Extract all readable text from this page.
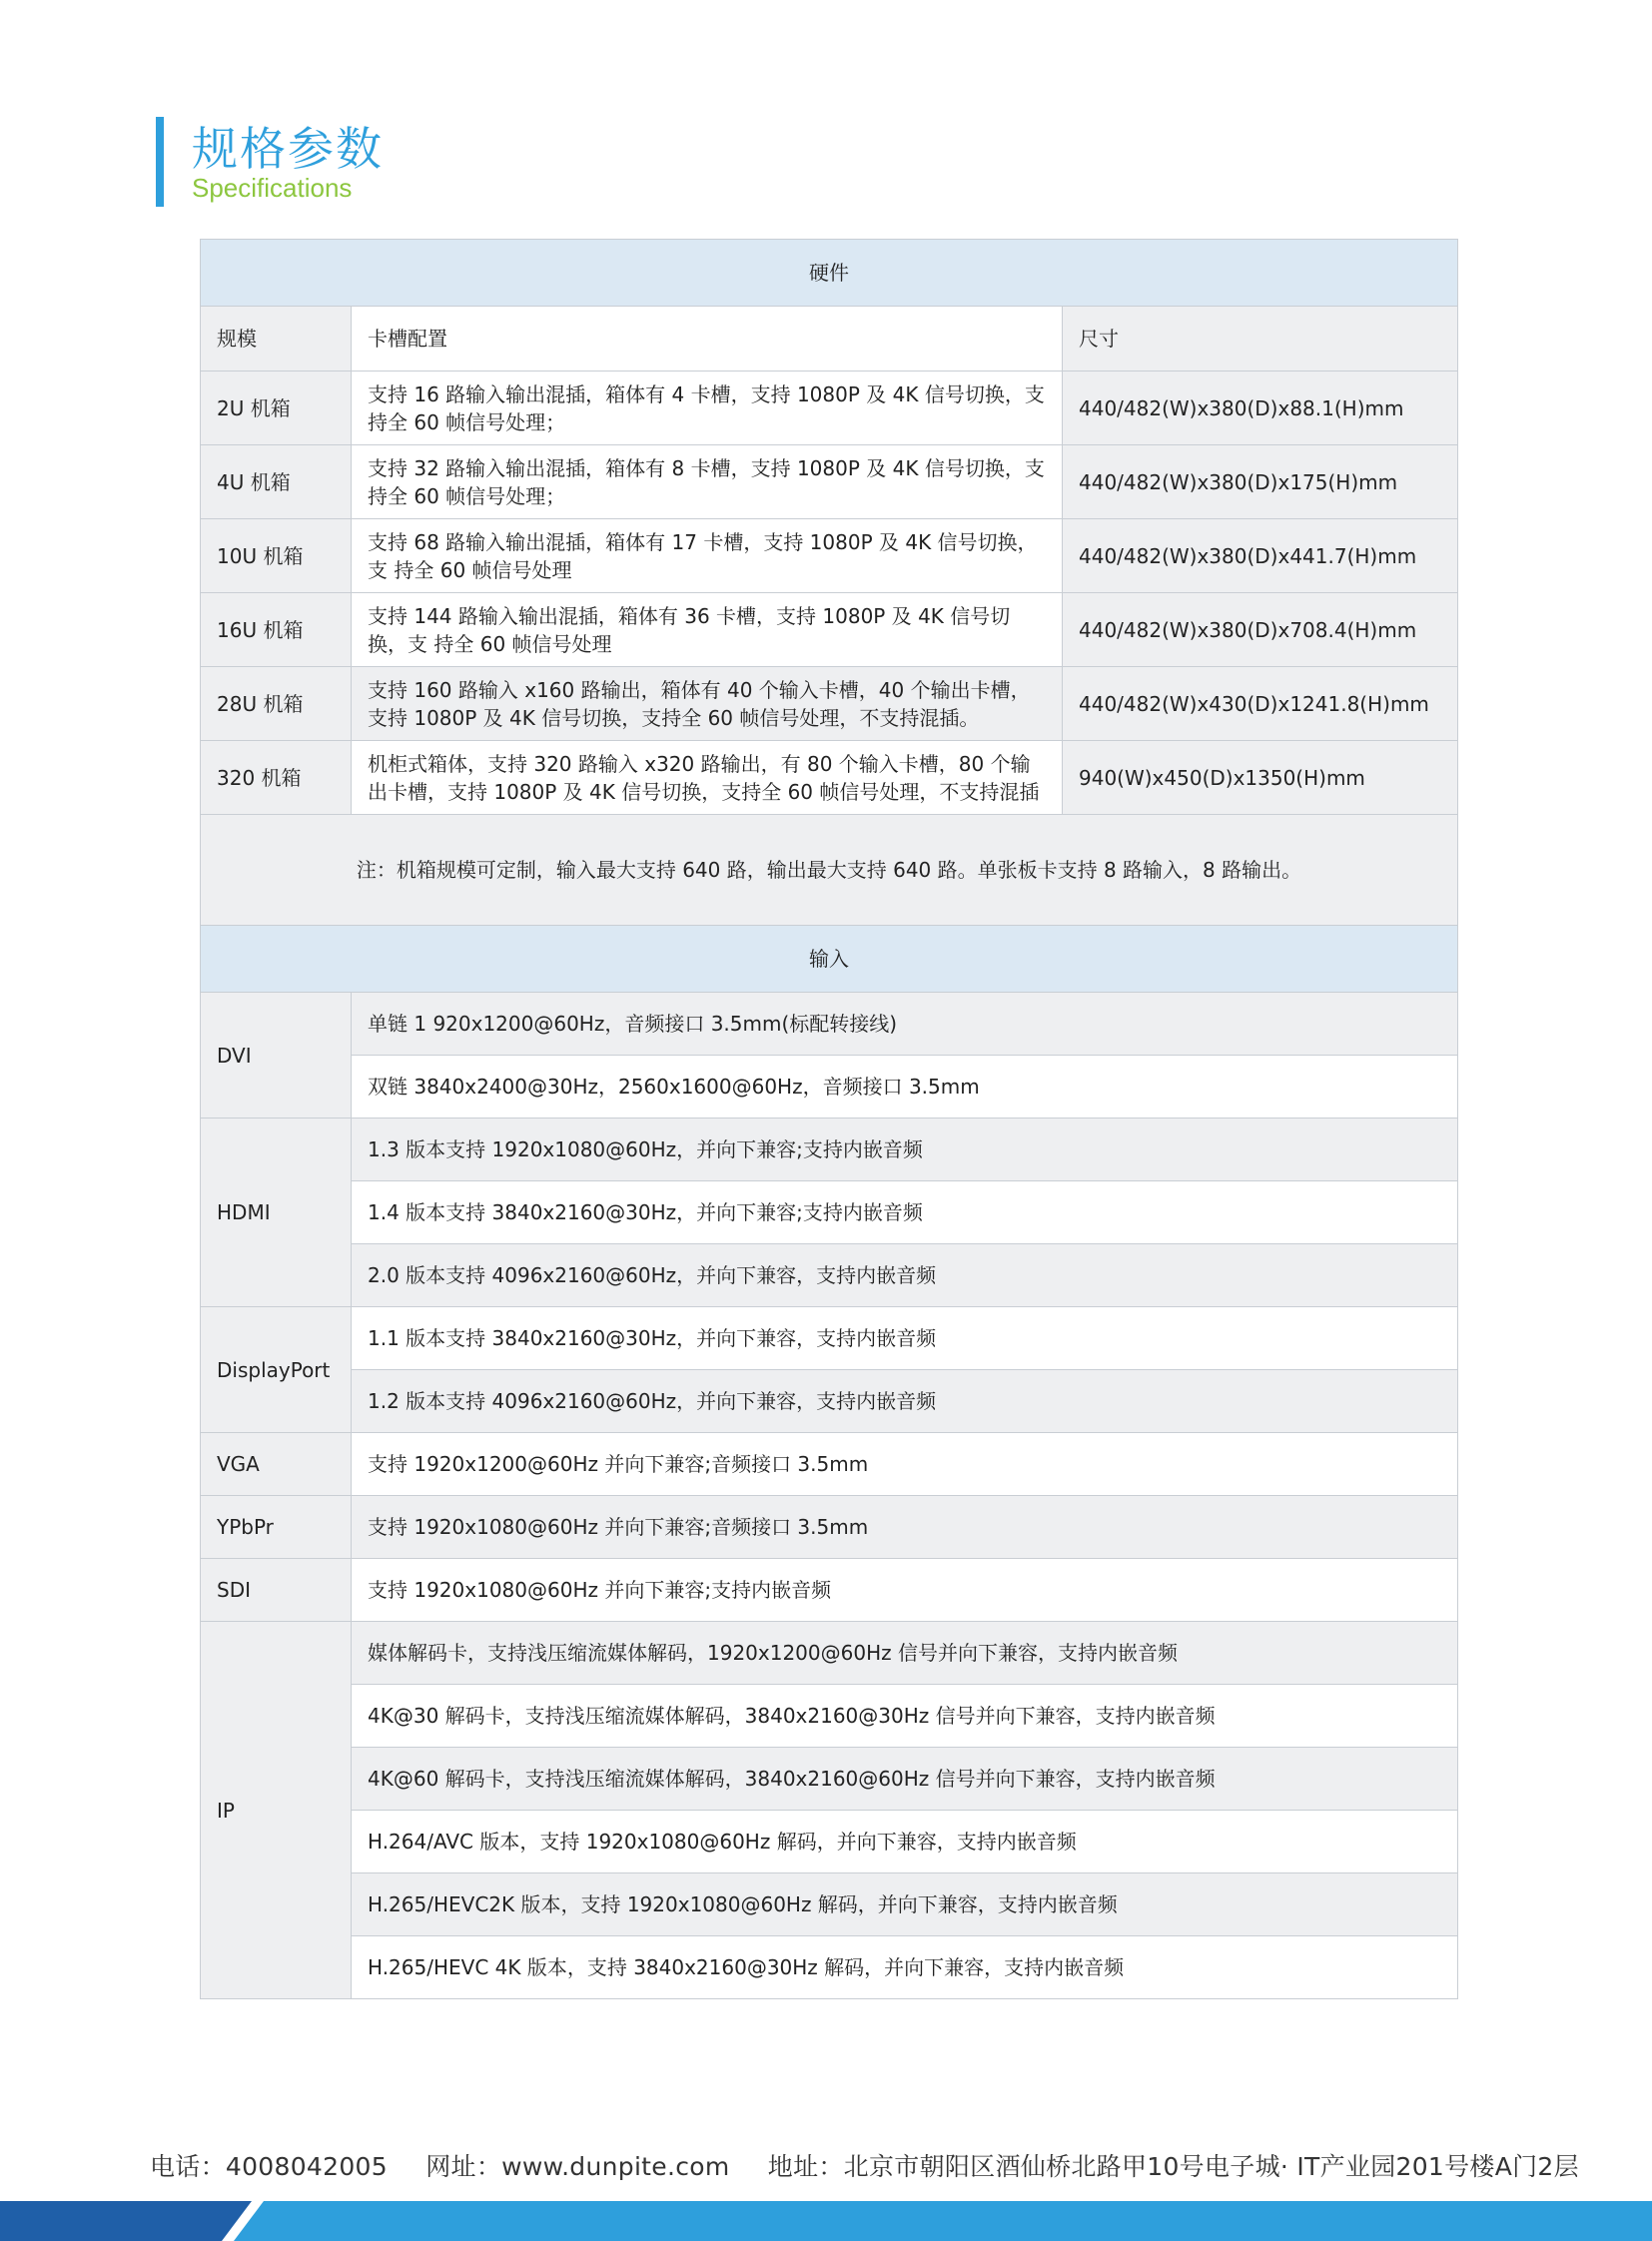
规格参数
Specifications
硬件		
规模	卡槽配置	尺寸
2U 机箱	支持 16 路输入输出混插，箱体有 4 卡槽，支持 1080P 及 4K 信号切换，支持全 60 帧信号处理；	440/482(W)x380(D)x88.1(H)mm
4U 机箱	支持 32 路输入输出混插，箱体有 8 卡槽，支持 1080P 及 4K 信号切换，支持全 60 帧信号处理；	440/482(W)x380(D)x175(H)mm
10U 机箱	支持 68 路输入输出混插，箱体有 17 卡槽，支持 1080P 及 4K 信号切换，支 持全 60 帧信号处理	440/482(W)x380(D)x441.7(H)mm
16U 机箱	支持 144 路输入输出混插，箱体有 36 卡槽，支持 1080P 及 4K 信号切换，支 持全 60 帧信号处理	440/482(W)x380(D)x708.4(H)mm
28U 机箱	支持 160 路输入 x160 路输出，箱体有 40 个输入卡槽，40 个输出卡槽，支持 1080P 及 4K 信号切换，支持全 60 帧信号处理，不支持混插。	440/482(W)x430(D)x1241.8(H)mm
320 机箱	机柜式箱体，支持 320 路输入 x320 路输出，有 80 个输入卡槽，80 个输出卡槽，支持 1080P 及 4K 信号切换，支持全 60 帧信号处理，不支持混插	940(W)x450(D)x1350(H)mm
注：机箱规模可定制，输入最大支持 640 路，输出最大支持 640 路。单张板卡支持 8 路输入，8 路输出。		
输入		
DVI	单链 1 920x1200@60Hz，音频接口 3.5mm(标配转接线)	
	双链 3840x2400@30Hz，2560x1600@60Hz，音频接口 3.5mm	
HDMI	1.3 版本支持 1920x1080@60Hz，并向下兼容;支持内嵌音频	
	1.4 版本支持 3840x2160@30Hz，并向下兼容;支持内嵌音频	
	2.0 版本支持 4096x2160@60Hz，并向下兼容，支持内嵌音频	
DisplayPort	1.1 版本支持 3840x2160@30Hz，并向下兼容，支持内嵌音频	
	1.2 版本支持 4096x2160@60Hz，并向下兼容，支持内嵌音频	
VGA	支持 1920x1200@60Hz 并向下兼容;音频接口 3.5mm	
YPbPr	支持 1920x1080@60Hz 并向下兼容;音频接口 3.5mm	
SDI	支持 1920x1080@60Hz 并向下兼容;支持内嵌音频	
IP	媒体解码卡，支持浅压缩流媒体解码，1920x1200@60Hz 信号并向下兼容，支持内嵌音频	
	4K@30 解码卡，支持浅压缩流媒体解码，3840x2160@30Hz 信号并向下兼容，支持内嵌音频	
	4K@60 解码卡，支持浅压缩流媒体解码，3840x2160@60Hz 信号并向下兼容，支持内嵌音频	
	H.264/AVC 版本，支持 1920x1080@60Hz 解码，并向下兼容，支持内嵌音频	
	H.265/HEVC2K 版本，支持 1920x1080@60Hz 解码，并向下兼容，支持内嵌音频	
	H.265/HEVC 4K 版本，支持 3840x2160@30Hz 解码，并向下兼容，支持内嵌音频	
电话：4008042005 网址：www.dunpite.com 地址：北京市朝阳区酒仙桥北路甲10号电子城· IT产业园201号楼A门2层
